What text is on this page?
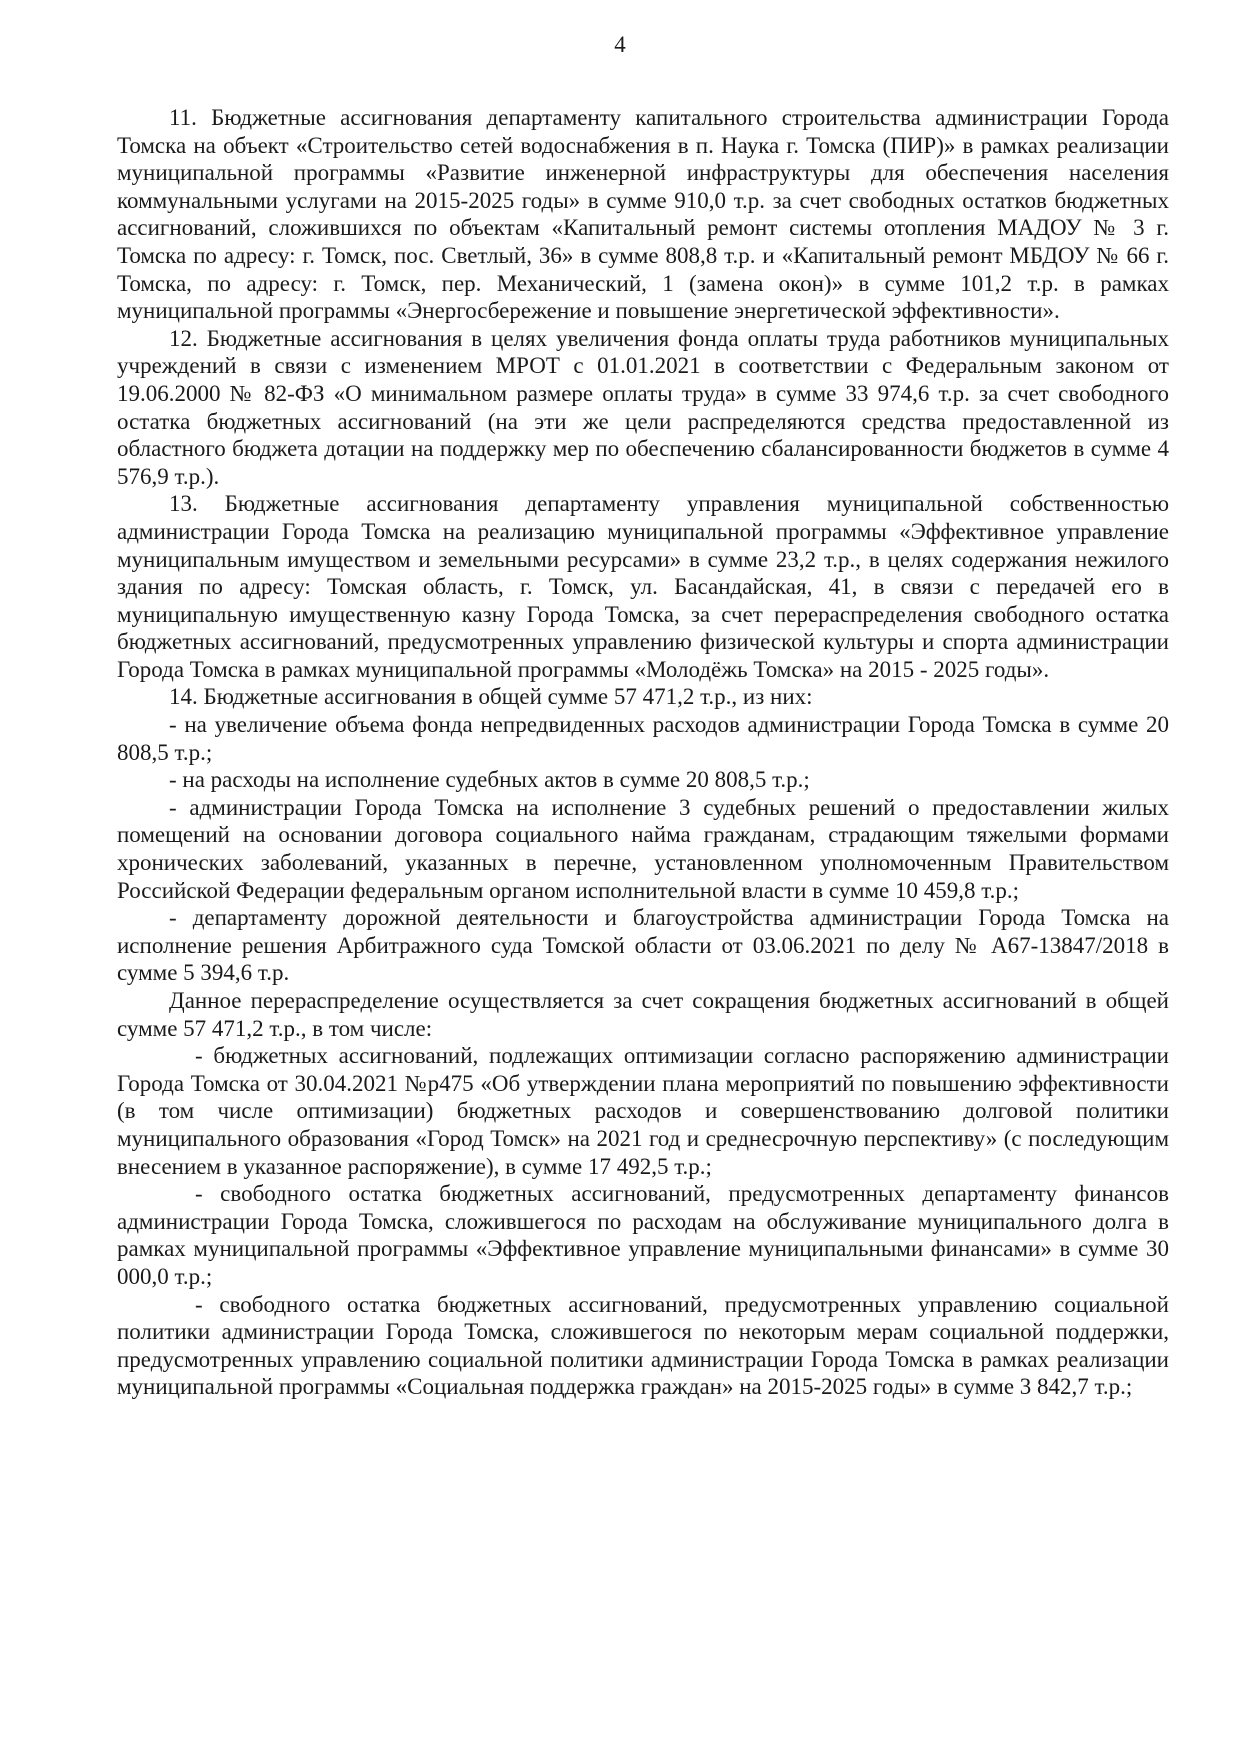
4

11. Бюджетные ассигнования департаменту капитального строительства администрации Города Томска на объект «Строительство сетей водоснабжения в п. Наука г. Томска (ПИР)» в рамках реализации муниципальной программы «Развитие инженерной инфраструктуры для обеспечения населения коммунальными услугами на 2015-2025 годы» в сумме 910,0 т.р. за счет свободных остатков бюджетных ассигнований, сложившихся по объектам «Капитальный ремонт системы отопления МАДОУ № 3 г. Томска по адресу: г. Томск, пос. Светлый, 36» в сумме 808,8 т.р. и «Капитальный ремонт МБДОУ № 66 г. Томска, по адресу: г. Томск, пер. Механический, 1 (замена окон)» в сумме 101,2 т.р. в рамках муниципальной программы «Энергосбережение и повышение энергетической эффективности».

12. Бюджетные ассигнования в целях увеличения фонда оплаты труда работников муниципальных учреждений в связи с изменением МРОТ с 01.01.2021 в соответствии с Федеральным законом от 19.06.2000 № 82-ФЗ «О минимальном размере оплаты труда» в сумме 33 974,6 т.р. за счет свободного остатка бюджетных ассигнований (на эти же цели распределяются средства предоставленной из областного бюджета дотации на поддержку мер по обеспечению сбалансированности бюджетов в сумме 4 576,9 т.р.).

13. Бюджетные ассигнования департаменту управления муниципальной собственностью администрации Города Томска на реализацию муниципальной программы «Эффективное управление муниципальным имуществом и земельными ресурсами» в сумме 23,2 т.р., в целях содержания нежилого здания по адресу: Томская область, г. Томск, ул. Басандайская, 41, в связи с передачей его в муниципальную имущественную казну Города Томска, за счет перераспределения свободного остатка бюджетных ассигнований, предусмотренных управлению физической культуры и спорта администрации Города Томска в рамках муниципальной программы «Молодёжь Томска» на 2015 - 2025 годы».

14. Бюджетные ассигнования в общей сумме 57 471,2 т.р., из них:

- на увеличение объема фонда непредвиденных расходов администрации Города Томска в сумме 20 808,5 т.р.;

- на расходы на исполнение судебных актов в сумме 20 808,5 т.р.;

- администрации Города Томска на исполнение 3 судебных решений о предоставлении жилых помещений на основании договора социального найма гражданам, страдающим тяжелыми формами хронических заболеваний, указанных в перечне, установленном уполномоченным Правительством Российской Федерации федеральным органом исполнительной власти в сумме 10 459,8 т.р.;

- департаменту дорожной деятельности и благоустройства администрации Города Томска на исполнение решения Арбитражного суда Томской области от 03.06.2021 по делу № А67-13847/2018 в сумме 5 394,6 т.р.

Данное перераспределение осуществляется за счет сокращения бюджетных ассигнований в общей сумме 57 471,2 т.р., в том числе:

- бюджетных ассигнований, подлежащих оптимизации согласно распоряжению администрации Города Томска от 30.04.2021 №р475 «Об утверждении плана мероприятий по повышению эффективности (в том числе оптимизации) бюджетных расходов и совершенствованию долговой политики муниципального образования «Город Томск» на 2021 год и среднесрочную перспективу» (с последующим внесением в указанное распоряжение), в сумме 17 492,5 т.р.;

- свободного остатка бюджетных ассигнований, предусмотренных департаменту финансов администрации Города Томска, сложившегося по расходам на обслуживание муниципального долга в рамках муниципальной программы «Эффективное управление муниципальными финансами» в сумме 30 000,0 т.р.;

- свободного остатка бюджетных ассигнований, предусмотренных управлению социальной политики администрации Города Томска, сложившегося по некоторым мерам социальной поддержки, предусмотренных управлению социальной политики администрации Города Томска в рамках реализации муниципальной программы «Социальная поддержка граждан» на 2015-2025 годы» в сумме 3 842,7 т.р.;
